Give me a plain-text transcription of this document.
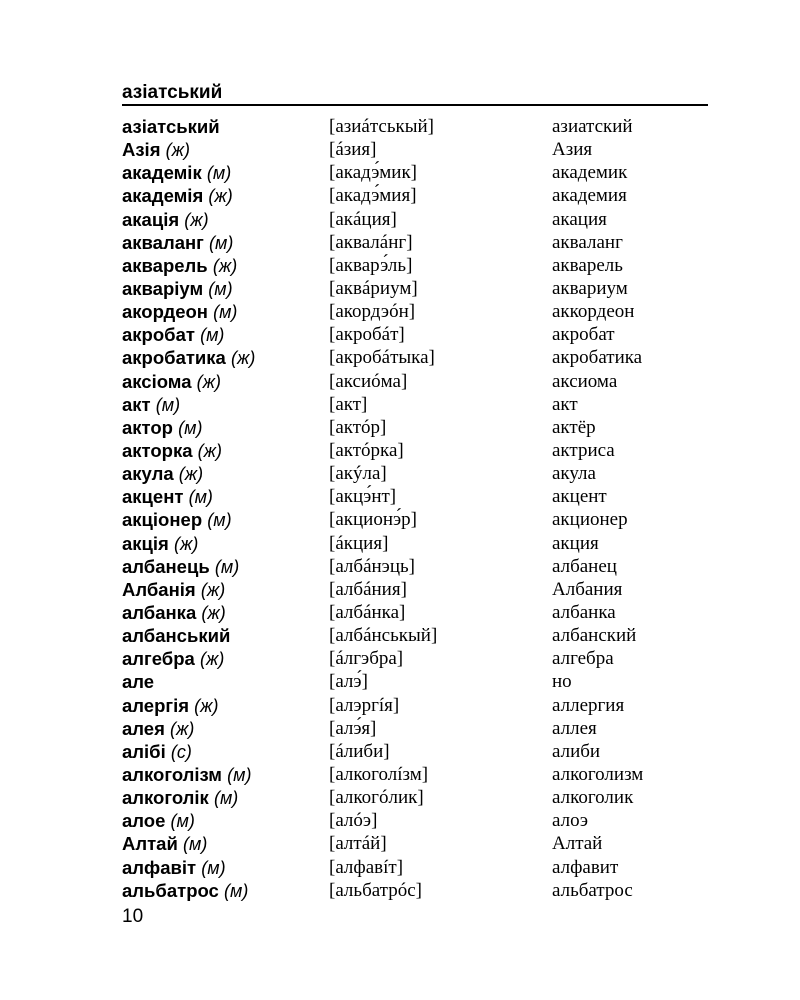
азіатський
азіатський	[азиáтськый]	азиатский
Азія (ж)	[áзия]	Азия
академік (м)	[акадэ́мик]	академик
академія (ж)	[акадэ́мия]	академия
акація (ж)	[акáция]	акация
акваланг (м)	[аквалáнг]	акваланг
акварель (ж)	[акварэ́ль]	акварель
акваріум (м)	[аквáриум]	аквариум
акордеон (м)	[акордэóн]	аккордеон
акробат (м)	[акробáт]	акробат
акробатика (ж)	[акробáтыка]	акробатика
аксіома (ж)	[аксиóма]	аксиома
акт (м)	[акт]	акт
актор (м)	[актóр]	актёр
акторка (ж)	[актóрка]	актриса
акула (ж)	[акýла]	акула
акцент (м)	[акцэ́нт]	акцент
акціонер (м)	[акционэ́р]	акционер
акція (ж)	[áкция]	акция
албанець (м)	[албáнэць]	албанец
Албанія (ж)	[албáния]	Албания
албанка (ж)	[албáнка]	албанка
албанський	[албáнськый]	албанский
алгебра (ж)	[áлгэбра]	алгебра
але	[алэ́]	но
алергія (ж)	[алэргíя]	аллергия
алея (ж)	[алэ́я]	аллея
алібі (с)	[áлиби]	алиби
алкоголізм (м)	[алкоголíзм]	алкоголизм
алкоголік (м)	[алкогóлик]	алкоголик
алое (м)	[алóэ]	алоэ
Алтай (м)	[алтáй]	Алтай
алфавіт (м)	[алфавíт]	алфавит
альбатрос (м)	[альбатрóс]	альбатрос
10
